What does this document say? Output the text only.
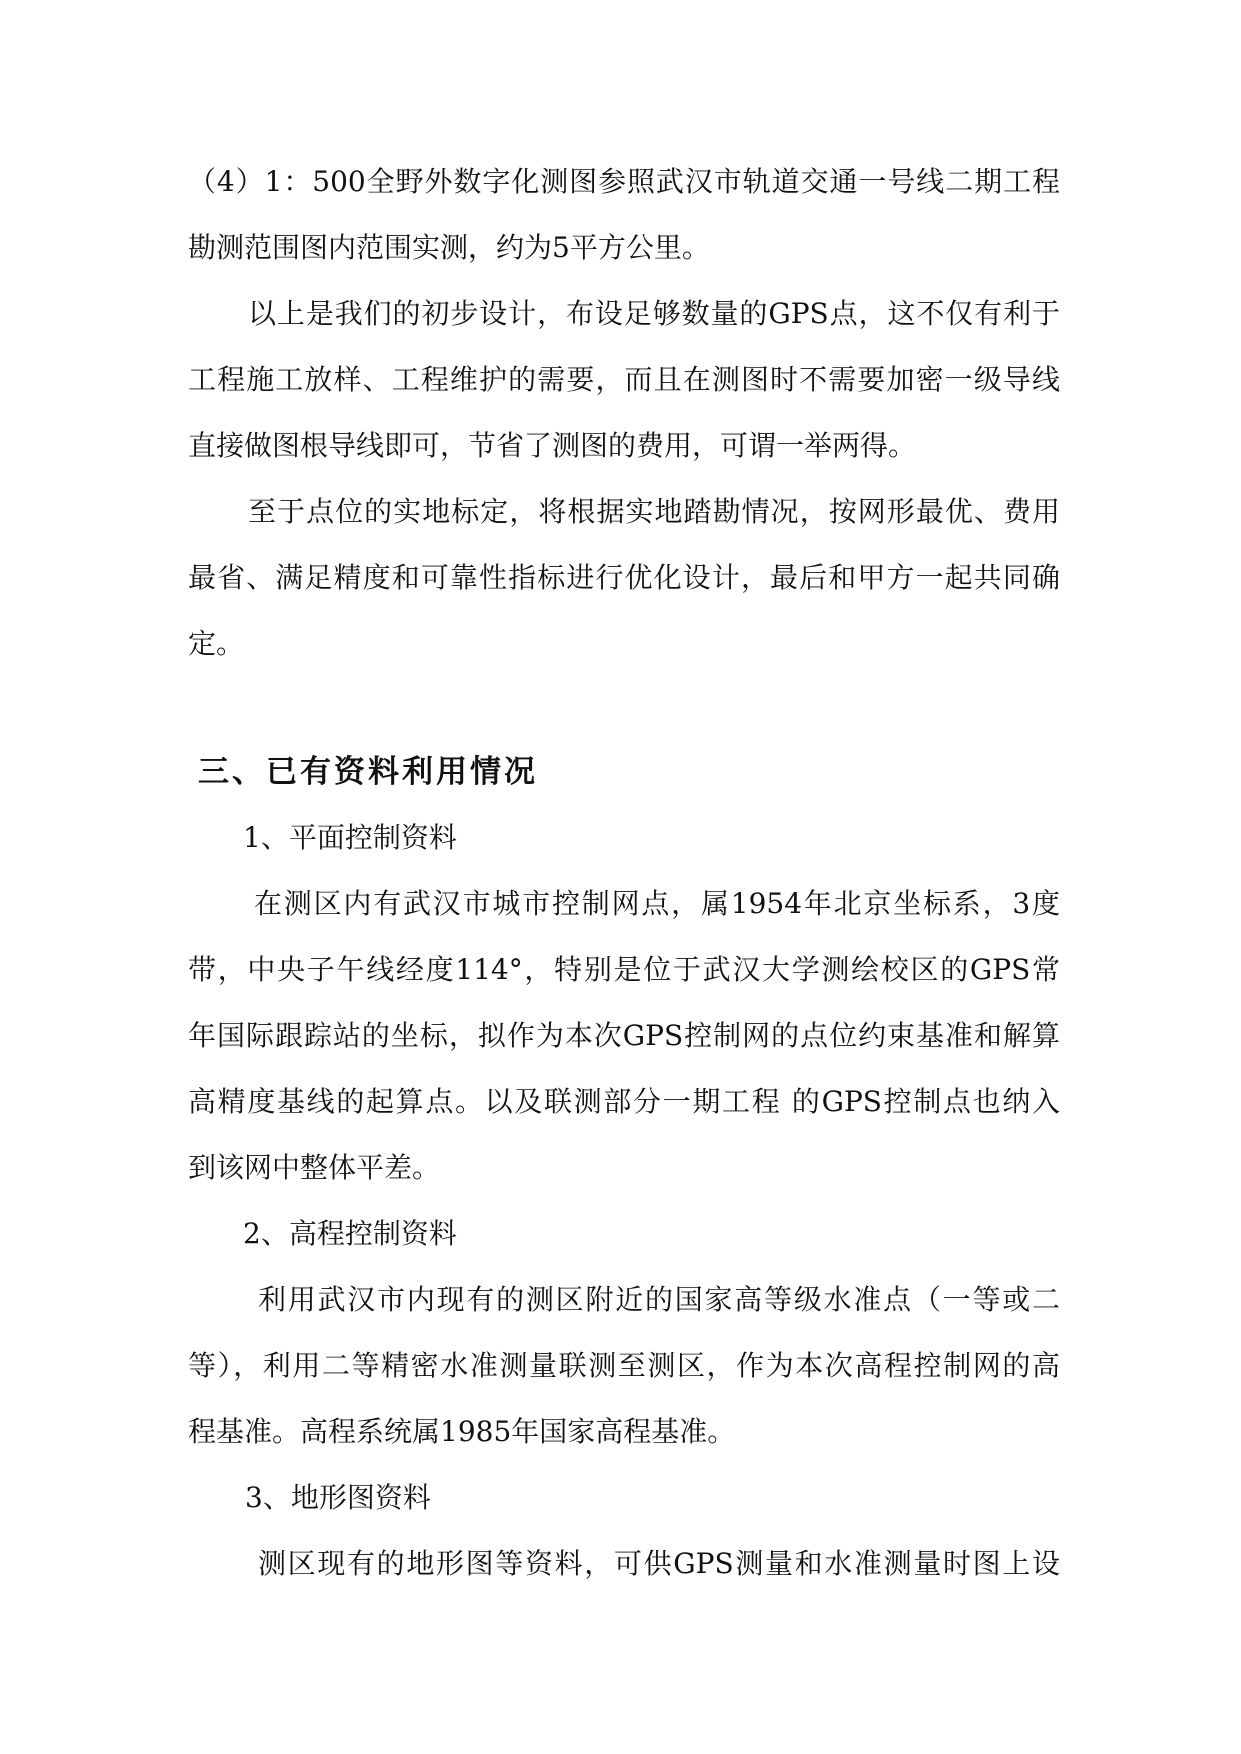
（4）1：500全野外数字化测图参照武汉市轨道交通一号线二期工程
勘测范围图内范围实测，约为5平方公里。
以上是我们的初步设计，布设足够数量的GPS点，这不仅有利于
工程施工放样、工程维护的需要，而且在测图时不需要加密一级导线
直接做图根导线即可，节省了测图的费用，可谓一举两得。
至于点位的实地标定，将根据实地踏勘情况，按网形最优、费用
最省、满足精度和可靠性指标进行优化设计，最后和甲方一起共同确
定。
三、已有资料利用情况
1、平面控制资料
在测区内有武汉市城市控制网点，属1954年北京坐标系，3度
带，中央子午线经度114°，特别是位于武汉大学测绘校区的GPS常
年国际跟踪站的坐标，拟作为本次GPS控制网的点位约束基准和解算
高精度基线的起算点。以及联测部分一期工程 的GPS控制点也纳入
到该网中整体平差。
2、高程控制资料
利用武汉市内现有的测区附近的国家高等级水准点（一等或二
等），利用二等精密水准测量联测至测区，作为本次高程控制网的高
程基准。高程系统属1985年国家高程基准。
3、地形图资料
测区现有的地形图等资料，可供GPS测量和水准测量时图上设
